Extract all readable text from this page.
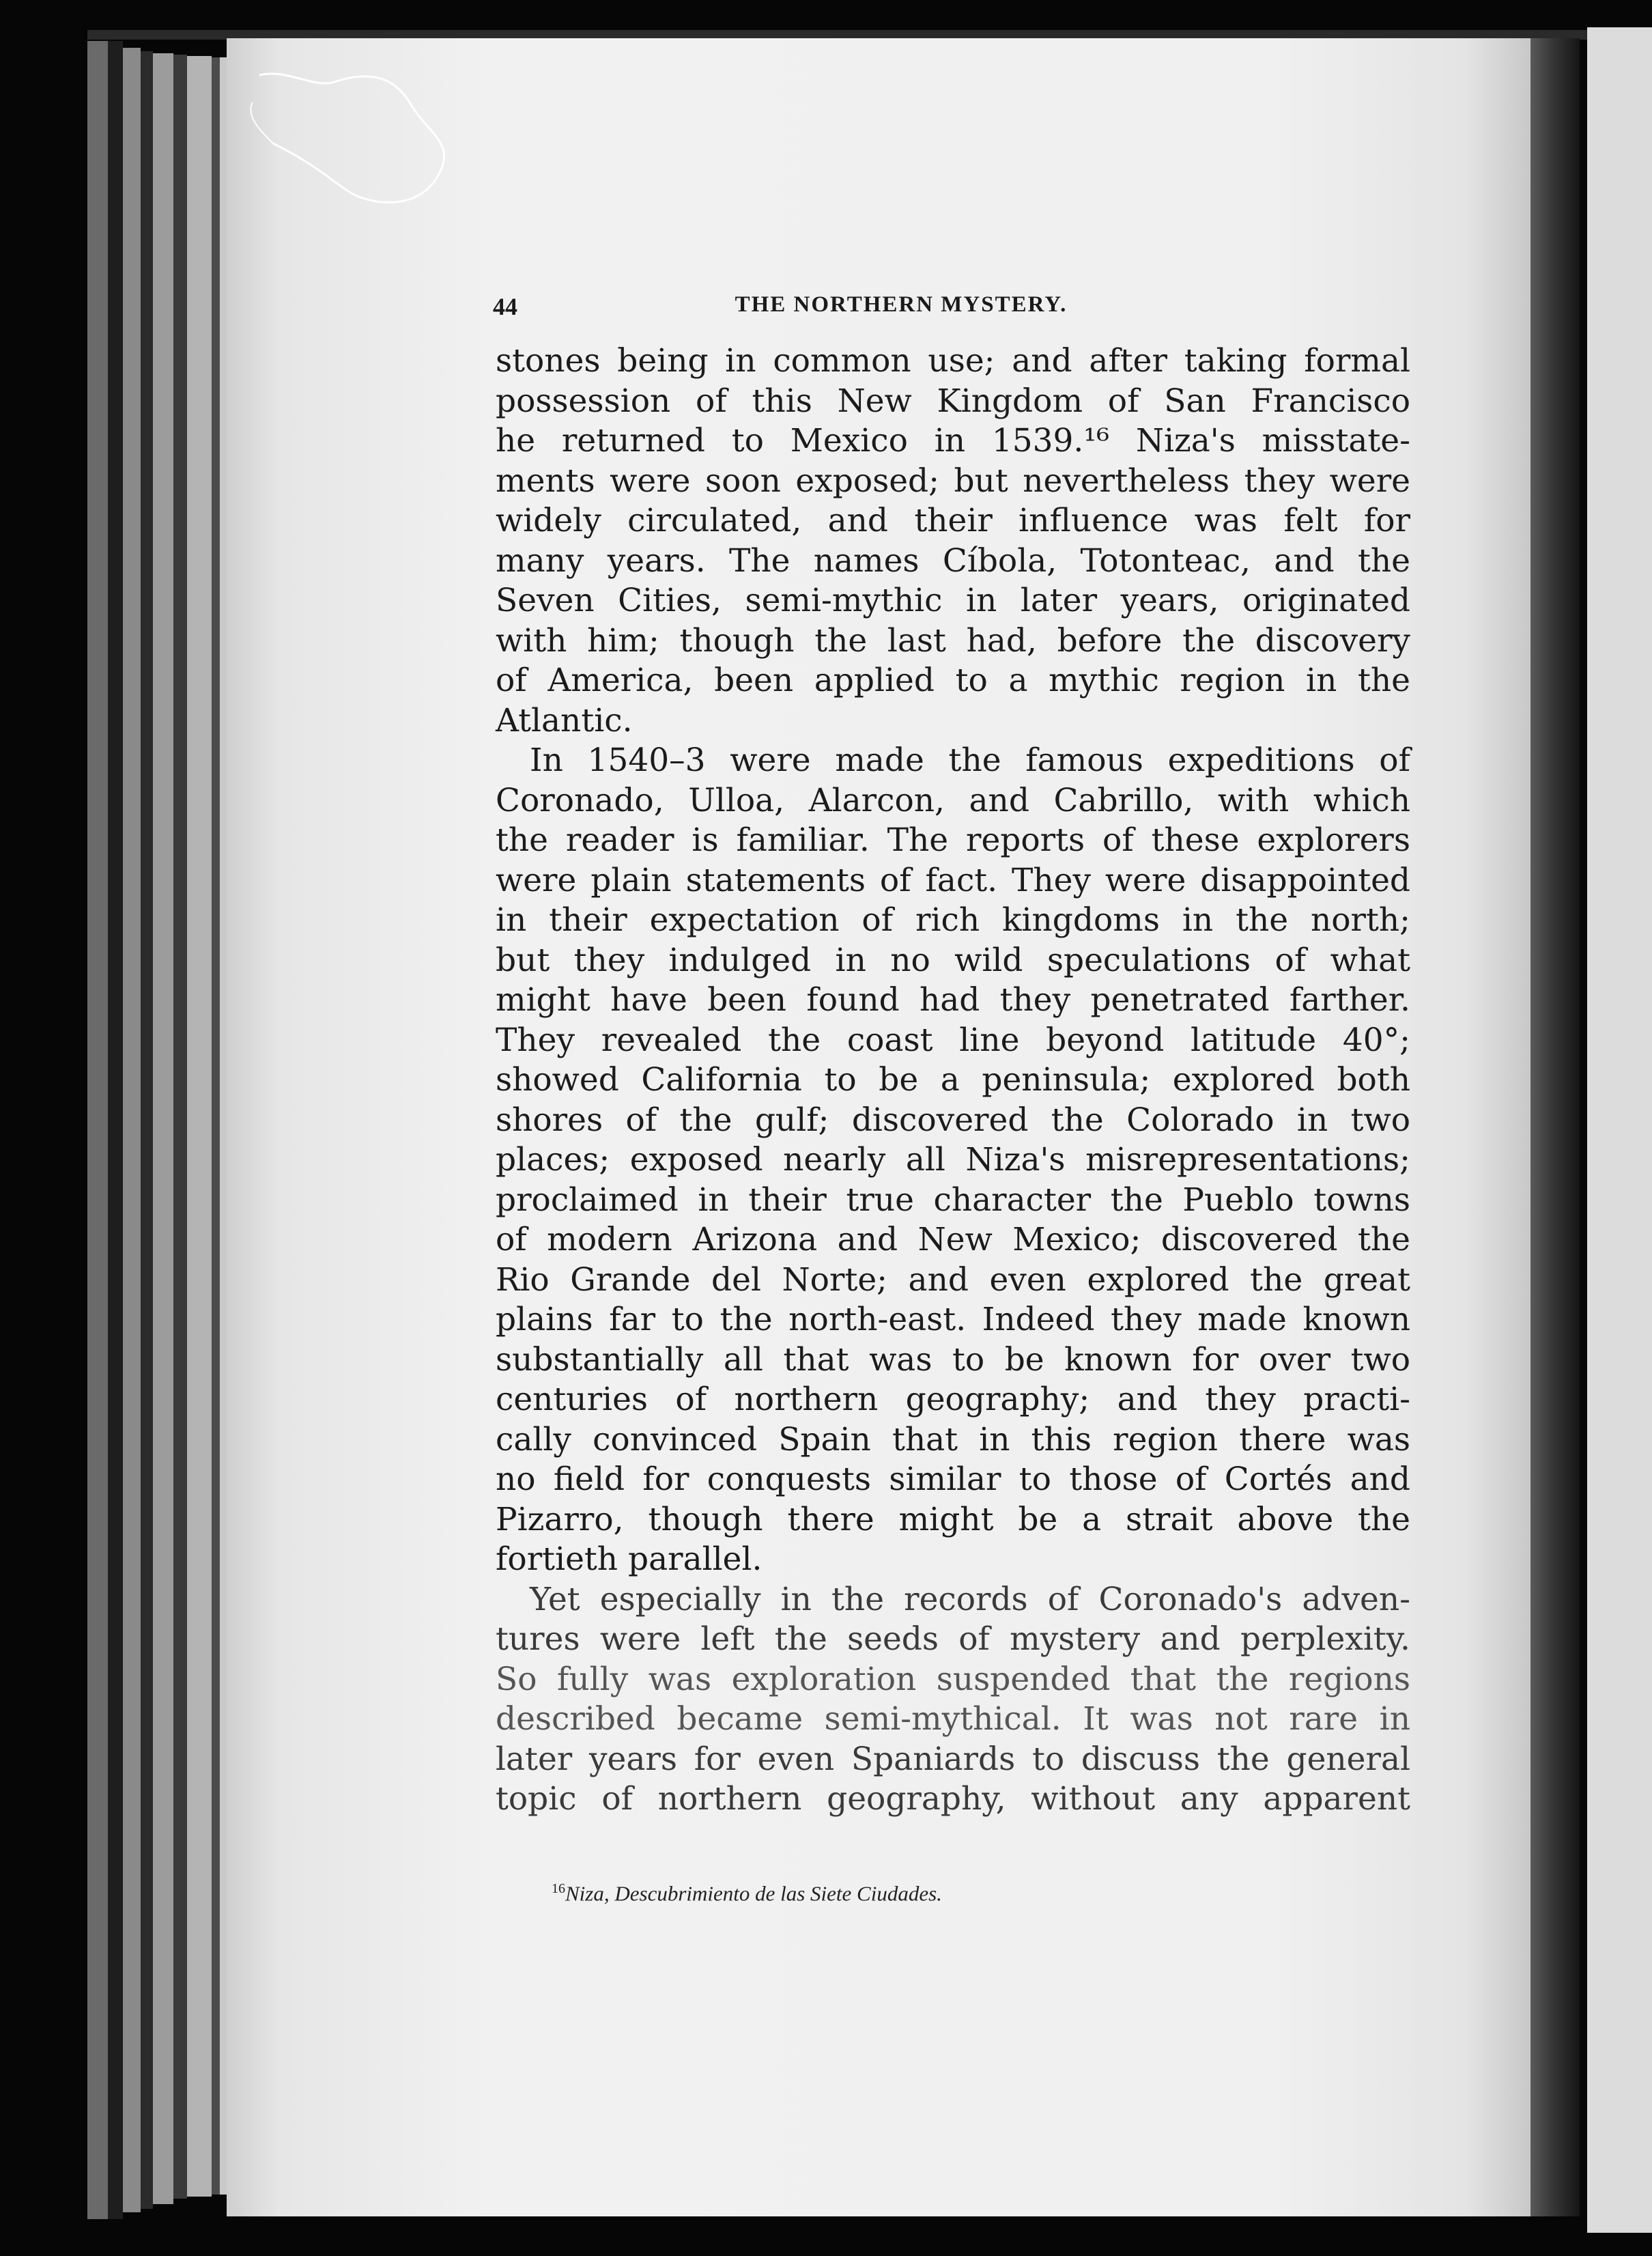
44	THE NORTHERN MYSTERY.
stones being in common use; and after taking formal
possession of this New Kingdom of San Francisco
he returned to Mexico in 1539.¹⁶ Niza's misstate-
ments were soon exposed; but nevertheless they were
widely circulated, and their influence was felt for
many years. The names Cíbola, Totonteac, and the
Seven Cities, semi-mythic in later years, originated
with him; though the last had, before the discovery
of America, been applied to a mythic region in the
Atlantic.
In 1540–3 were made the famous expeditions of
Coronado, Ulloa, Alarcon, and Cabrillo, with which
the reader is familiar. The reports of these explorers
were plain statements of fact. They were disappointed
in their expectation of rich kingdoms in the north;
but they indulged in no wild speculations of what
might have been found had they penetrated farther.
They revealed the coast line beyond latitude 40°;
showed California to be a peninsula; explored both
shores of the gulf; discovered the Colorado in two
places; exposed nearly all Niza's misrepresentations;
proclaimed in their true character the Pueblo towns
of modern Arizona and New Mexico; discovered the
Rio Grande del Norte; and even explored the great
plains far to the north-east. Indeed they made known
substantially all that was to be known for over two
centuries of northern geography; and they practi-
cally convinced Spain that in this region there was
no field for conquests similar to those of Cortés and
Pizarro, though there might be a strait above the
fortieth parallel.
Yet especially in the records of Coronado's adven-
tures were left the seeds of mystery and perplexity.
So fully was exploration suspended that the regions
described became semi-mythical. It was not rare in
later years for even Spaniards to discuss the general
topic of northern geography, without any apparent
$^{16}$Niza, Descubrimiento de las Siete Ciudades.
